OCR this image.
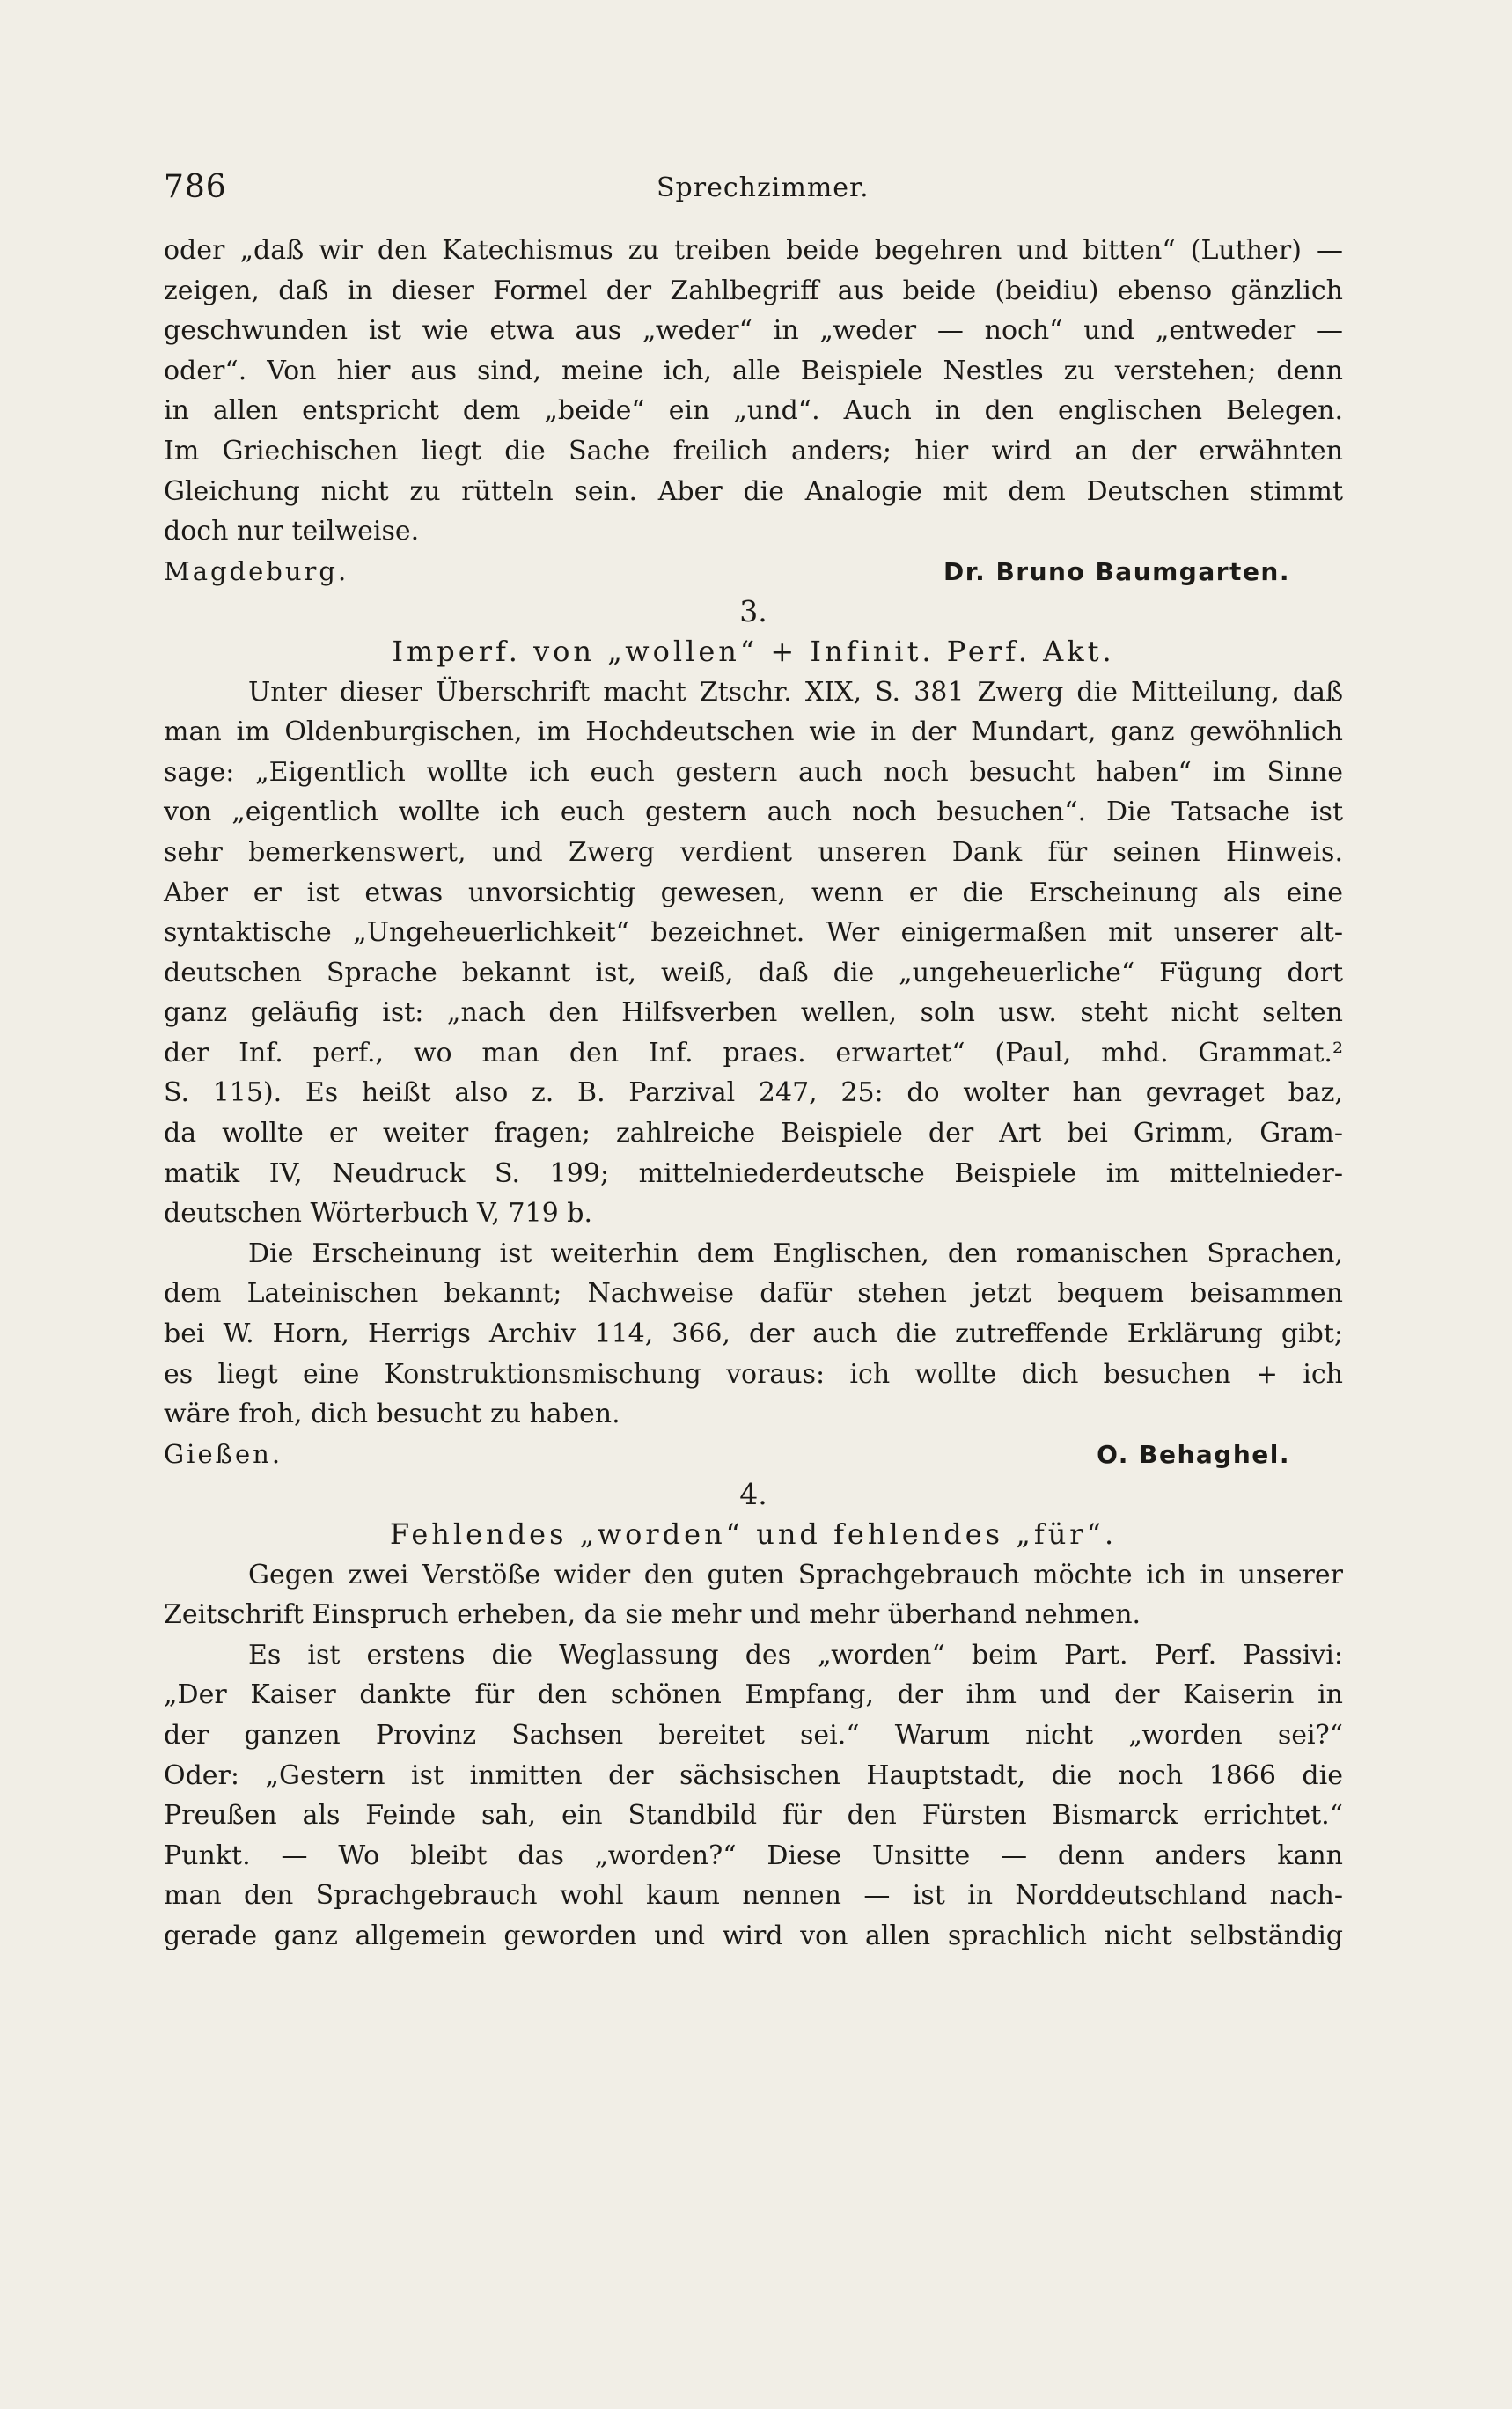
786	Sprechzimmer.
oder „daß wir den Katechismus zu treiben beide begehren und bitten“ (Luther) —
zeigen, daß in dieser Formel der Zahlbegriff aus beide (beidiu) ebenso gänzlich
geschwunden ist wie etwa aus „weder“ in „weder — noch“ und „entweder —
oder“. Von hier aus sind, meine ich, alle Beispiele Nestles zu verstehen; denn
in allen entspricht dem „beide“ ein „und“. Auch in den englischen Belegen.
Im Griechischen liegt die Sache freilich anders; hier wird an der erwähnten
Gleichung nicht zu rütteln sein. Aber die Analogie mit dem Deutschen stimmt
doch nur teilweise.
Magdeburg.	Dr. Bruno Baumgarten.
3.
Imperf. von „wollen“ + Infinit. Perf. Akt.
Unter dieser Überschrift macht Ztschr. XIX, S. 381 Zwerg die Mitteilung, daß
man im Oldenburgischen, im Hochdeutschen wie in der Mundart, ganz gewöhnlich
sage: „Eigentlich wollte ich euch gestern auch noch besucht haben“ im Sinne
von „eigentlich wollte ich euch gestern auch noch besuchen“. Die Tatsache ist
sehr bemerkenswert, und Zwerg verdient unseren Dank für seinen Hinweis.
Aber er ist etwas unvorsichtig gewesen, wenn er die Erscheinung als eine
syntaktische „Ungeheuerlichkeit“ bezeichnet. Wer einigermaßen mit unserer alt-
deutschen Sprache bekannt ist, weiß, daß die „ungeheuerliche“ Fügung dort
ganz geläufig ist: „nach den Hilfsverben wellen, soln usw. steht nicht selten
der Inf. perf., wo man den Inf. praes. erwartet“ (Paul, mhd. Grammat.²
S. 115). Es heißt also z. B. Parzival 247, 25: do wolter han gevraget baz,
da wollte er weiter fragen; zahlreiche Beispiele der Art bei Grimm, Gram-
matik IV, Neudruck S. 199; mittelniederdeutsche Beispiele im mittelnieder-
deutschen Wörterbuch V, 719 b.
Die Erscheinung ist weiterhin dem Englischen, den romanischen Sprachen,
dem Lateinischen bekannt; Nachweise dafür stehen jetzt bequem beisammen
bei W. Horn, Herrigs Archiv 114, 366, der auch die zutreffende Erklärung gibt;
es liegt eine Konstruktionsmischung voraus: ich wollte dich besuchen + ich
wäre froh, dich besucht zu haben.
Gießen.	O. Behaghel.
4.
Fehlendes „worden“ und fehlendes „für“.
Gegen zwei Verstöße wider den guten Sprachgebrauch möchte ich in unserer
Zeitschrift Einspruch erheben, da sie mehr und mehr überhand nehmen.
Es ist erstens die Weglassung des „worden“ beim Part. Perf. Passivi:
„Der Kaiser dankte für den schönen Empfang, der ihm und der Kaiserin in
der ganzen Provinz Sachsen bereitet sei.“ Warum nicht „worden sei?“
Oder: „Gestern ist inmitten der sächsischen Hauptstadt, die noch 1866 die
Preußen als Feinde sah, ein Standbild für den Fürsten Bismarck errichtet.“
Punkt. — Wo bleibt das „worden?“ Diese Unsitte — denn anders kann
man den Sprachgebrauch wohl kaum nennen — ist in Norddeutschland nach-
gerade ganz allgemein geworden und wird von allen sprachlich nicht selbständig
